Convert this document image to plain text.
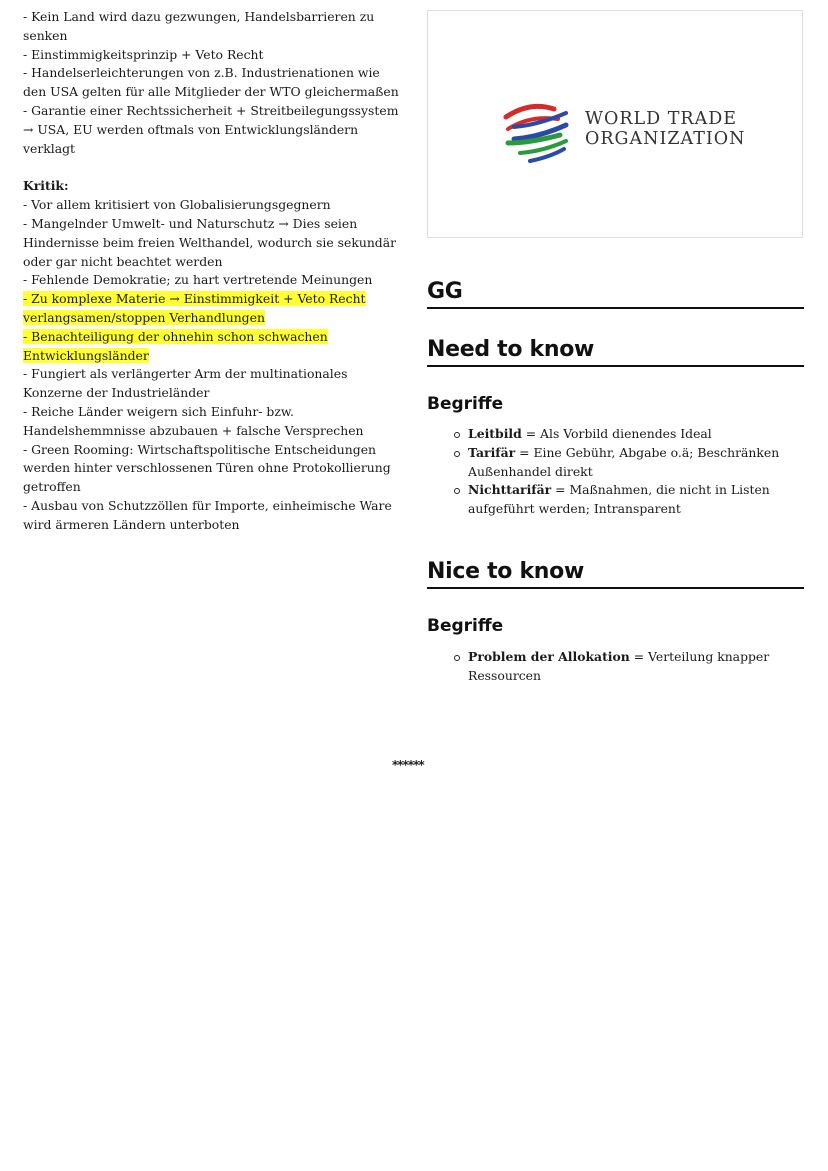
- Kein Land wird dazu gezwungen, Handelsbarrieren zu senken

- Einstimmigkeitsprinzip + Veto Recht

- Handelserleichterungen von z.B. Industrienationen wie den USA gelten für alle Mitglieder der WTO gleichermaßen

- Garantie einer Rechtssicherheit + Streitbeilegungssystem → USA, EU werden oftmals von Entwicklungsländern verklagt

Kritik:

- Vor allem kritisiert von Globalisierungsgegnern

- Mangelnder Umwelt- und Naturschutz → Dies seien Hindernisse beim freien Welthandel, wodurch sie sekundär oder gar nicht beachtet werden

- Fehlende Demokratie; zu hart vertretende Meinungen

- Zu komplexe Materie → Einstimmigkeit + Veto Recht verlangsamen/stoppen Verhandlungen

- Benachteiligung der ohnehin schon schwachen Entwicklungsländer

- Fungiert als verlängerter Arm der multinationales Konzerne der Industrieländer

- Reiche Länder weigern sich Einfuhr- bzw. Handelshemmnisse abzubauen + falsche Versprechen

- Green Rooming: Wirtschaftspolitische Entscheidungen werden hinter verschlossenen Türen ohne Protokollierung getroffen

- Ausbau von Schutzzöllen für Importe, einheimische Ware wird ärmeren Ländern unterboten

WORLD TRADE
ORGANIZATION
GG
Need to know
Begriffe
Leitbild = Als Vorbild dienendes Ideal
Tarifär = Eine Gebühr, Abgabe o.ä; Beschränken Außenhandel direkt
Nichttarifär = Maßnahmen, die nicht in Listen aufgeführt werden; Intransparent
Nice to know
Begriffe
Problem der Allokation = Verteilung knapper Ressourcen
******
